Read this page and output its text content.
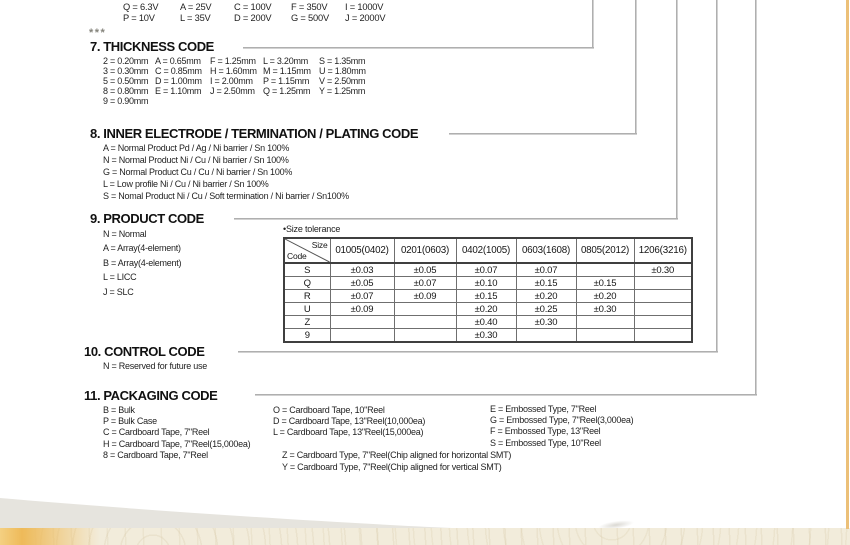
Q = 6.3V	A = 25V	C = 100V	F = 350V	I = 1000V
P = 10V	L = 35V	D = 200V	G = 500V	J = 2000V
***
7. THICKNESS CODE
2 = 0.20mm A = 0.65mm	F = 1.25mm L = 3.20mm	S = 1.35mm
3 = 0.30mm C = 0.85mm H = 1.60mm M = 1.15mm U = 1.80mm
5 = 0.50mm D = 1.00mm I = 2.00mm	P = 1.15mm	V = 2.50mm
8 = 0.80mm E = 1.10mm J = 2.50mm Q = 1.25mm Y = 1.25mm
9 = 0.90mm
8. INNER ELECTRODE / TERMINATION / PLATING CODE
A = Normal Product Pd / Ag / Ni barrier / Sn 100%
N = Normal Product Ni / Cu / Ni barrier / Sn 100%
G = Normal Product Cu / Cu / Ni barrier / Sn 100%
L = Low profile Ni / Cu / Ni barrier / Sn 100%
S = Nomal Product Ni / Cu / Soft termination / Ni barrier / Sn100%
9. PRODUCT CODE
N = Normal
A = Array(4-element)
B = Array(4-element)
L = LICC
J = SLC
•Size tolerance
Size
Code	01005(0402)	0201(0603)	0402(1005)	0603(1608)	0805(2012)	1206(3216)
S	±0.03	±0.05	±0.07	±0.07		±0.30
Q	±0.05	±0.07	±0.10	±0.15	±0.15	
R	±0.07	±0.09	±0.15	±0.20	±0.20	
U	±0.09		±0.20	±0.25	±0.30	
Z			±0.40	±0.30		
9			±0.30			
10. CONTROL CODE
N = Reserved for future use
11. PACKAGING CODE
B = Bulk
P = Bulk Case
C = Cardboard Tape, 7"Reel
H = Cardboard Tape, 7"Reel(15,000ea)
8 = Cardboard Tape, 7"Reel
O = Cardboard Tape, 10"Reel
D = Cardboard Tape, 13"Reel(10,000ea)
L = Cardboard Tape, 13"Reel(15,000ea)
Z = Cardboard Type, 7"Reel(Chip aligned for horizontal SMT)
Y = Cardboard Type, 7"Reel(Chip aligned for vertical SMT)
E = Embossed Type, 7"Reel
G = Embossed Type, 7"Reel(3,000ea)
F = Embossed Type, 13"Reel
S = Embossed Type, 10"Reel
